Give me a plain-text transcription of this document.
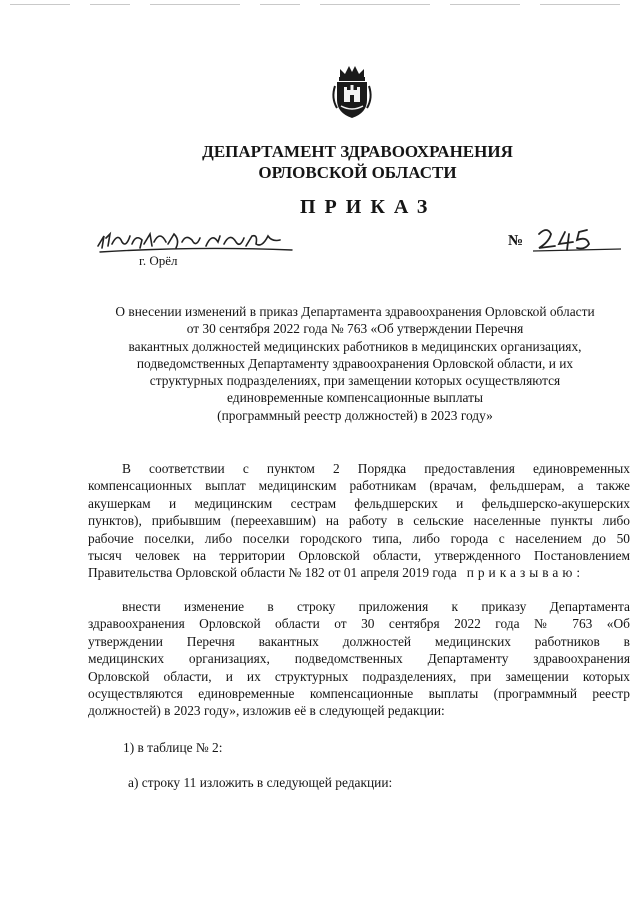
ДЕПАРТАМЕНТ ЗДРАВООХРАНЕНИЯ
ОРЛОВСКОЙ ОБЛАСТИ
ПРИКАЗ
г. Орёл
№
О внесении изменений в приказ Департамента здравоохранения Орловской области
от 30 сентября 2022 года № 763 «Об утверждении Перечня
вакантных должностей медицинских работников в медицинских организациях,
подведомственных Департаменту здравоохранения Орловской области, и их
структурных подразделениях, при замещении которых осуществляются
единовременные компенсационные выплаты
(программный реестр должностей) в 2023 году»
В соответствии с пунктом 2 Порядка предоставления единовременных
компенсационных выплат медицинским работникам (врачам, фельдшерам, а также
акушеркам и медицинским сестрам фельдшерских и фельдшерско-акушерских
пунктов), прибывшим (переехавшим) на работу в сельские населенные пункты либо
рабочие поселки, либо поселки городского типа, либо города с населением до 50
тысяч человек на территории Орловской области, утвержденного Постановлением
Правительства Орловской области № 182 от 01 апреля 2019 года приказываю:
внести изменение в строку приложения к приказу Департамента
здравоохранения Орловской области от 30 сентября 2022 года № 763 «Об
утверждении Перечня вакантных должностей медицинских работников в
медицинских организациях, подведомственных Департаменту здравоохранения
Орловской области, и их структурных подразделениях, при замещении которых
осуществляются единовременные компенсационные выплаты (программный реестр
должностей) в 2023 году», изложив её в следующей редакции:
1) в таблице № 2:
а) строку 11 изложить в следующей редакции:
